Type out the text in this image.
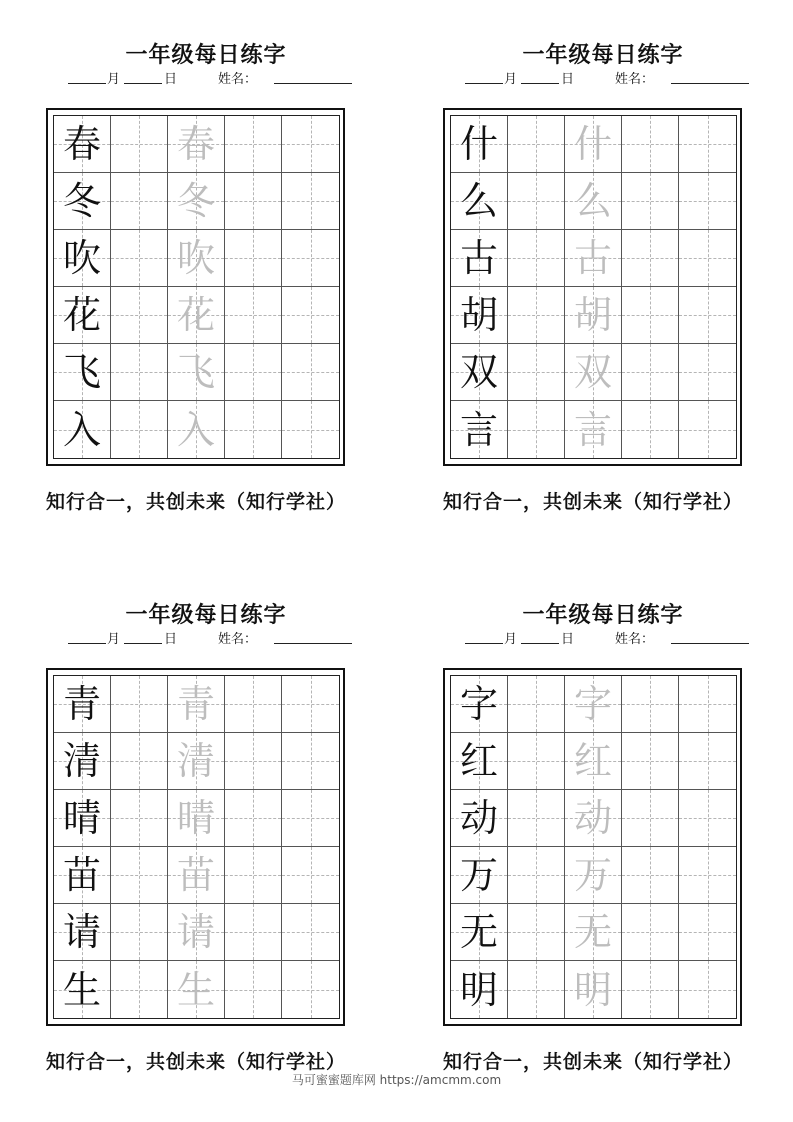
一年级每日练字
月	日	姓名：
春 春
冬 冬
吹 吹
花 花
飞 飞
入 入
知行合一，共创未来（知行学社）
一年级每日练字
月	日	姓名：
什 什
么 么
古 古
胡 胡
双 双
言 言
知行合一，共创未来（知行学社）
一年级每日练字
月	日	姓名：
青 青
清 清
晴 晴
苗 苗
请 请
生 生
知行合一，共创未来（知行学社）
一年级每日练字
月	日	姓名：
字 字
红 红
动 动
万 万
无 无
明 明
知行合一，共创未来（知行学社）
马可蜜蜜题库网 https://amcmm.com
